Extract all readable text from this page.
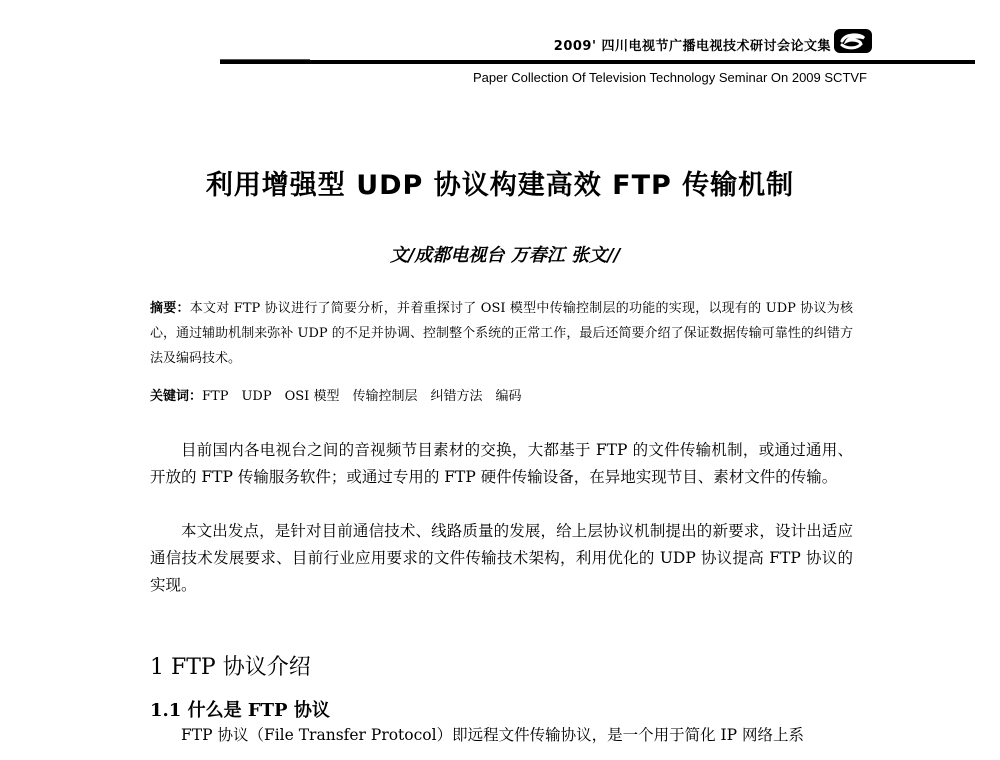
2009' 四川电视节广播电视技术研讨会论文集
Paper Collection Of Television Technology Seminar On 2009 SCTVF
利用增强型 UDP 协议构建高效 FTP 传输机制
文/成都电视台 万春江 张文//
摘要：本文对 FTP 协议进行了简要分析，并着重探讨了 OSI 模型中传输控制层的功能的实现，以现有的 UDP 协议为核心，通过辅助机制来弥补 UDP 的不足并协调、控制整个系统的正常工作，最后还简要介绍了保证数据传输可靠性的纠错方法及编码技术。
关键词：FTP UDP OSI 模型 传输控制层 纠错方法 编码

目前国内各电视台之间的音视频节目素材的交换，大都基于 FTP 的文件传输机制，或通过通用、开放的 FTP 传输服务软件；或通过专用的 FTP 硬件传输设备，在异地实现节目、素材文件的传输。

本文出发点，是针对目前通信技术、线路质量的发展，给上层协议机制提出的新要求，设计出适应通信技术发展要求、目前行业应用要求的文件传输技术架构，利用优化的 UDP 协议提高 FTP 协议的实现。

1 FTP 协议介绍
1.1 什么是 FTP 协议

FTP 协议（File Transfer Protocol）即远程文件传输协议，是一个用于简化 IP 网络上系
